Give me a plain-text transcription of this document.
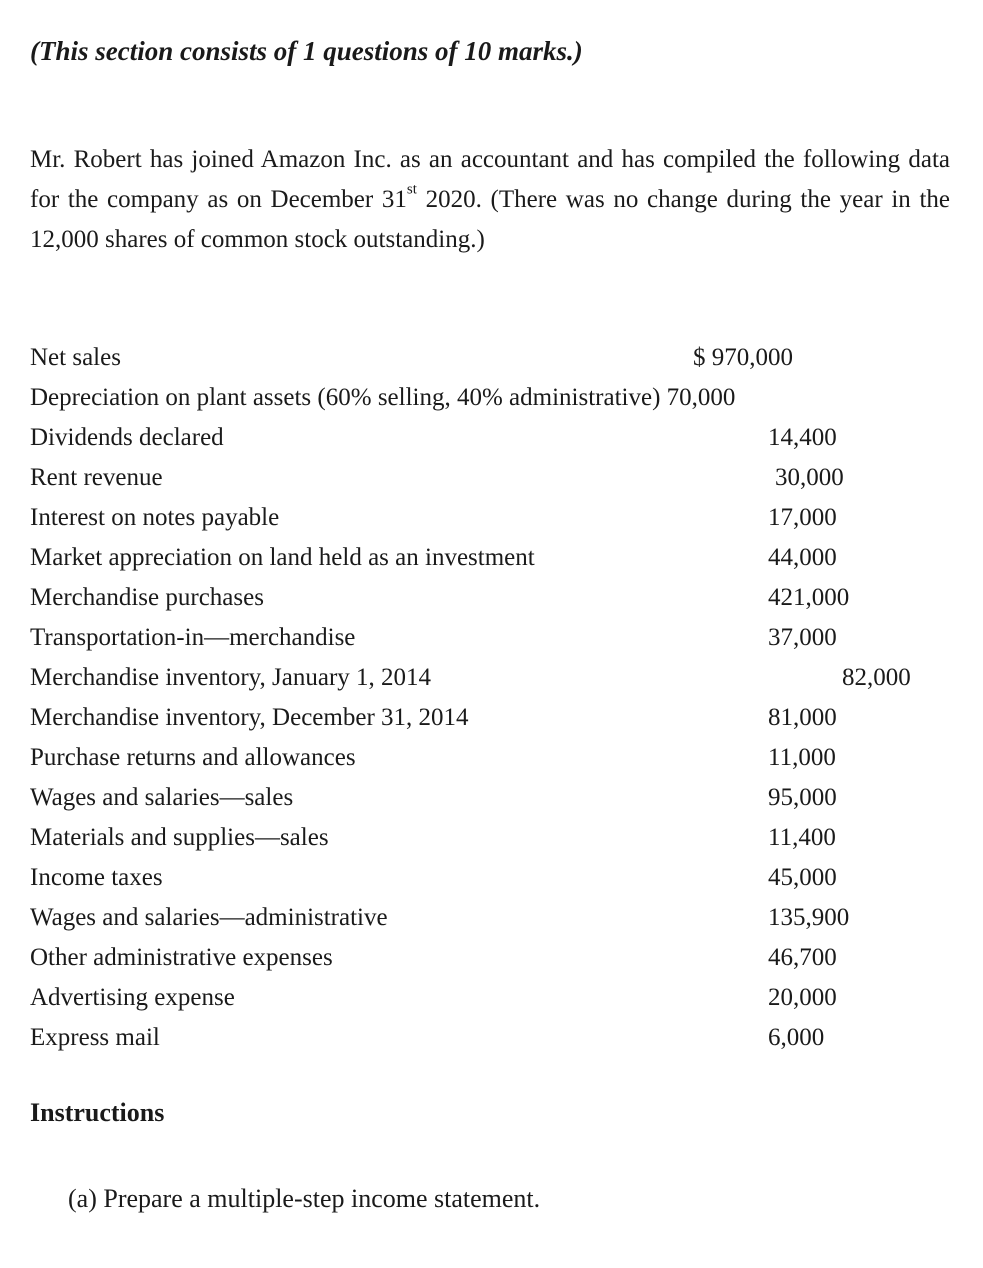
(This section consists of 1 questions of 10 marks.)
Mr. Robert has joined Amazon Inc. as an accountant and has compiled the following data for the company as on December 31st 2020. (There was no change during the year in the 12,000 shares of common stock outstanding.)
Net sales	$ 970,000
Depreciation on plant assets (60% selling, 40% administrative) 70,000
Dividends declared	14,400
Rent revenue	30,000
Interest on notes payable	17,000
Market appreciation on land held as an investment	44,000
Merchandise purchases	421,000
Transportation-in—merchandise	37,000
Merchandise inventory, January 1, 2014	82,000
Merchandise inventory, December 31, 2014	81,000
Purchase returns and allowances	11,000
Wages and salaries—sales	95,000
Materials and supplies—sales	11,400
Income taxes	45,000
Wages and salaries—administrative	135,900
Other administrative expenses	46,700
Advertising expense	20,000
Express mail	6,000
Instructions
(a) Prepare a multiple-step income statement.
